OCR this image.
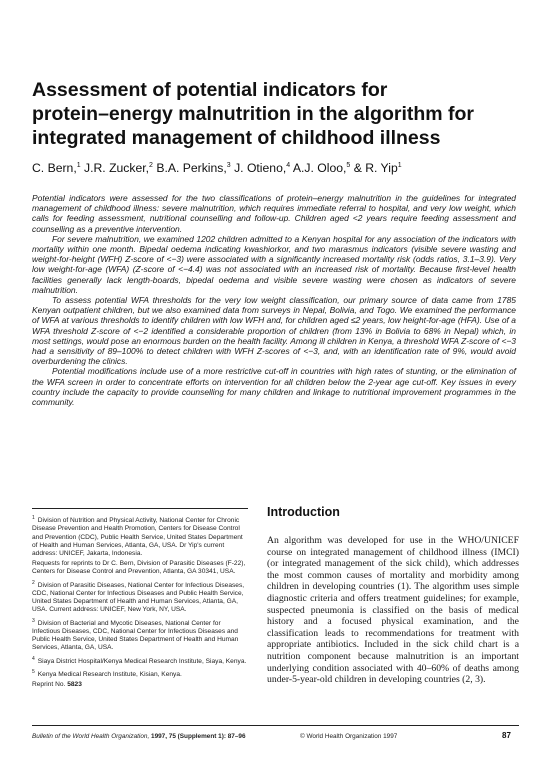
Assessment of potential indicators for
protein–energy malnutrition in the algorithm for
integrated management of childhood illness
C. Bern,$^1$ J.R. Zucker,$^2$ B.A. Perkins,$^3$ J. Otieno,$^4$ A.J. Oloo,$^5$ & R. Yip$^1$

Potential indicators were assessed for the two classifications of protein–energy malnutrition in the guidelines for integrated management of childhood illness: severe malnutrition, which requires immediate referral to hospital, and very low weight, which calls for feeding assessment, nutritional counselling and follow-up. Children aged <2 years require feeding assessment and counselling as a preventive intervention.

For severe malnutrition, we examined 1202 children admitted to a Kenyan hospital for any association of the indicators with mortality within one month. Bipedal oedema indicating kwashiorkor, and two marasmus indicators (visible severe wasting and weight-for-height (WFH) Z-score of <−3) were associated with a significantly increased mortality risk (odds ratios, 3.1–3.9). Very low weight-for-age (WFA) (Z-score of <−4.4) was not associated with an increased risk of mortality. Because first-level health facilities generally lack length-boards, bipedal oedema and visible severe wasting were chosen as indicators of severe malnutrition.

To assess potential WFA thresholds for the very low weight classification, our primary source of data came from 1785 Kenyan outpatient children, but we also examined data from surveys in Nepal, Bolivia, and Togo. We examined the performance of WFA at various thresholds to identify children with low WFH and, for children aged ≤2 years, low height-for-age (HFA). Use of a WFA threshold Z-score of <−2 identified a considerable proportion of children (from 13% in Bolivia to 68% in Nepal) which, in most settings, would pose an enormous burden on the health facility. Among ill children in Kenya, a threshold WFA Z-score of <−3 had a sensitivity of 89–100% to detect children with WFH Z-scores of <−3, and, with an identification rate of 9%, would avoid overburdening the clinics.

Potential modifications include use of a more restrictive cut-off in countries with high rates of stunting, or the elimination of the WFA screen in order to concentrate efforts on intervention for all children below the 2-year age cut-off. Key issues in every country include the capacity to provide counselling for many children and linkage to nutritional improvement programmes in the community.

$^1$ Division of Nutrition and Physical Activity, National Center for Chronic Disease Prevention and Health Promotion, Centers for Disease Control and Prevention (CDC), Public Health Service, United States Department of Health and Human Services, Atlanta, GA, USA. Dr Yip's current address: UNICEF, Jakarta, Indonesia.
Requests for reprints to Dr C. Bern, Division of Parasitic Diseases (F-22), Centers for Disease Control and Prevention, Atlanta, GA 30341, USA.
$^2$ Division of Parasitic Diseases, National Center for Infectious Diseases, CDC, National Center for Infectious Diseases and Public Health Service, United States Department of Health and Human Services, Atlanta, GA, USA. Current address: UNICEF, New York, NY, USA.
$^3$ Division of Bacterial and Mycotic Diseases, National Center for Infectious Diseases, CDC, National Center for Infectious Diseases and Public Health Service, United States Department of Health and Human Services, Atlanta, GA, USA.
$^4$ Siaya District Hospital/Kenya Medical Research Institute, Siaya, Kenya.
$^5$ Kenya Medical Research Institute, Kisian, Kenya.
Reprint No. 5823
Introduction
An algorithm was developed for use in the WHO/UNICEF course on integrated management of childhood illness (IMCI) (or integrated management of the sick child), which addresses the most common causes of mortality and morbidity among children in developing countries (1). The algorithm uses simple diagnostic criteria and offers treatment guidelines; for example, suspected pneumonia is classified on the basis of medical history and a focused physical examination, and the classification leads to recommendations for treatment with appropriate antibiotics. Included in the sick child chart is a nutrition component because malnutrition is an important underlying condition associated with 40–60% of deaths among under-5-year-old children in developing countries (2, 3).
Bulletin of the World Health Organization, 1997, 75 (Supplement 1): 87–96	© World Health Organization 1997	87
